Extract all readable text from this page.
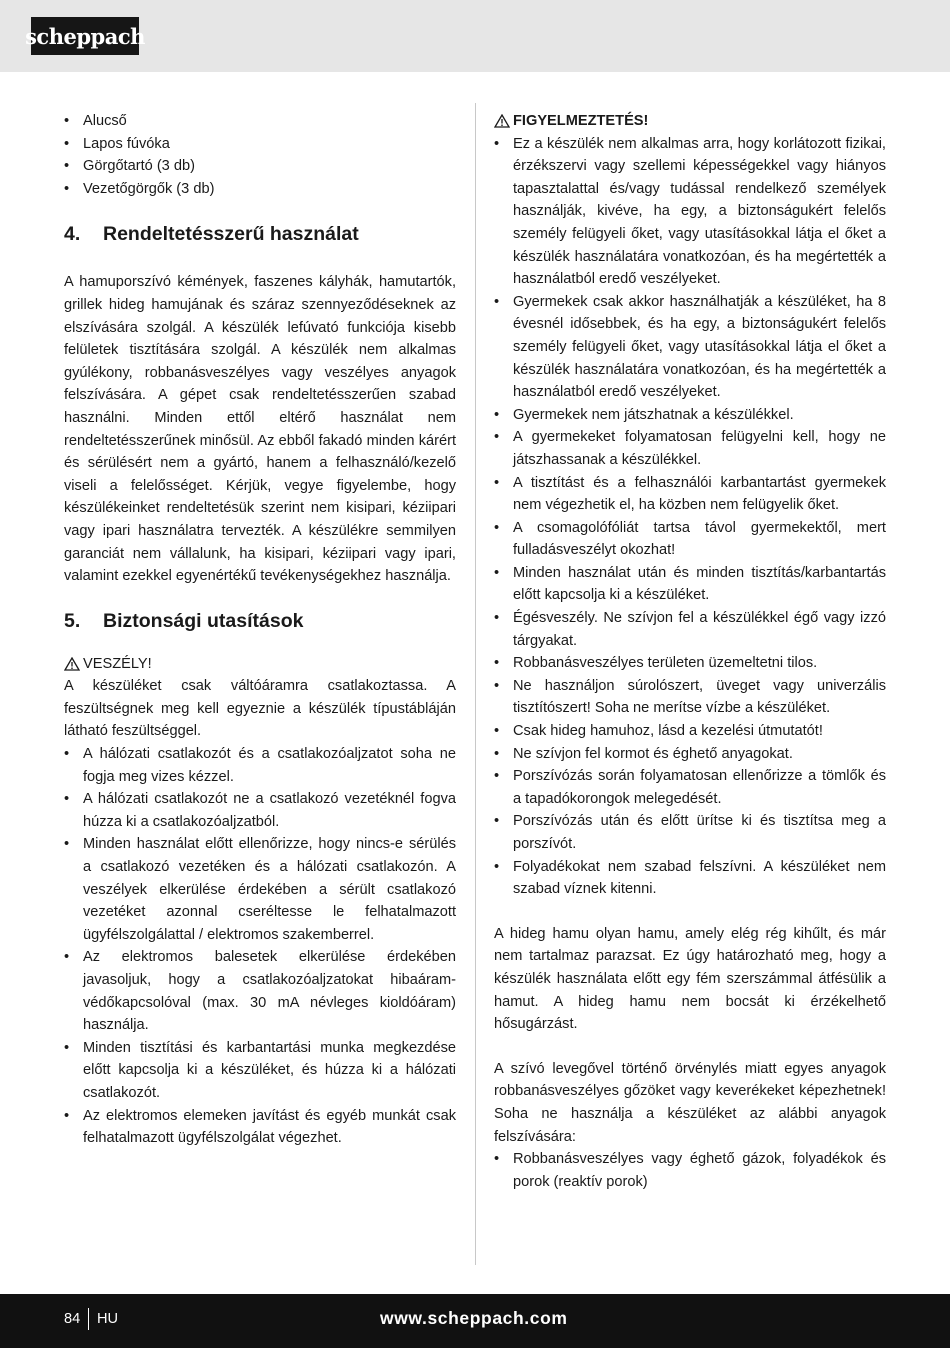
scheppach
• Alucső
• Lapos fúvóka
• Görgőtartó (3 db)
• Vezetőgörgők (3 db)
4.	Rendeltetésszerű használat

A hamuporszívó kémények, faszenes kályhák, hamutartók, grillek hideg hamujának és száraz szennyeződéseknek az elszívására szolgál. A készülék lefúvató funkciója kisebb felületek tisztítására szolgál. A készülék nem alkalmas gyúlékony, robbanásveszélyes vagy veszélyes anyagok felszívására. A gépet csak rendeltetésszerűen szabad használni. Minden ettől eltérő használat nem rendeltetésszerűnek minősül. Az ebből fakadó minden kárért és sérülésért nem a gyártó, hanem a felhasználó/kezelő viseli a felelősséget. Kérjük, vegye figyelembe, hogy készülékeinket rendeltetésük szerint nem kisipari, kéziipari vagy ipari használatra tervezték. A készülékre semmilyen garanciát nem vállalunk, ha kisipari, kéziipari vagy ipari, valamint ezekkel egyenértékű tevékenységekhez használja.

5.	Biztonsági utasítások
VESZÉLY!

A készüléket csak váltóáramra csatlakoztassa. A feszültségnek meg kell egyeznie a készülék típustábláján látható feszültséggel.

• A hálózati csatlakozót és a csatlakozóaljzatot soha ne fogja meg vizes kézzel.
• A hálózati csatlakozót ne a csatlakozó vezetéknél fogva húzza ki a csatlakozóaljzatból.
• Minden használat előtt ellenőrizze, hogy nincs-e sérülés a csatlakozó vezetéken és a hálózati csatlakozón. A veszélyek elkerülése érdekében a sérült csatlakozó vezetéket azonnal cseréltesse le felhatalmazott ügyfélszolgálattal / elektromos szakemberrel.
• Az elektromos balesetek elkerülése érdekében javasoljuk, hogy a csatlakozóaljzatokat hibaáram-védőkapcsolóval (max. 30 mA névleges kioldóáram) használja.
• Minden tisztítási és karbantartási munka megkezdése előtt kapcsolja ki a készüléket, és húzza ki a hálózati csatlakozót.
• Az elektromos elemeken javítást és egyéb munkát csak felhatalmazott ügyfélszolgálat végezhet.
FIGYELMEZTETÉS!
• Ez a készülék nem alkalmas arra, hogy korlátozott fizikai, érzékszervi vagy szellemi képességekkel vagy hiányos tapasztalattal és/vagy tudással rendelkező személyek használják, kivéve, ha egy, a biztonságukért felelős személy felügyeli őket, vagy utasításokkal látja el őket a készülék használatára vonatkozóan, és ha megértették a használatból eredő veszélyeket.
• Gyermekek csak akkor használhatják a készüléket, ha 8 évesnél idősebbek, és ha egy, a biztonságukért felelős személy felügyeli őket, vagy utasításokkal látja el őket a készülék használatára vonatkozóan, és ha megértették a használatból eredő veszélyeket.
• Gyermekek nem játszhatnak a készülékkel.
• A gyermekeket folyamatosan felügyelni kell, hogy ne játszhassanak a készülékkel.
• A tisztítást és a felhasználói karbantartást gyermekek nem végezhetik el, ha közben nem felügyelik őket.
• A csomagolófóliát tartsa távol gyermekektől, mert fulladásveszélyt okozhat!
• Minden használat után és minden tisztítás/karbantartás előtt kapcsolja ki a készüléket.
• Égésveszély. Ne szívjon fel a készülékkel égő vagy izzó tárgyakat.
• Robbanásveszélyes területen üzemeltetni tilos.
• Ne használjon súrolószert, üveget vagy univerzális tisztítószert! Soha ne merítse vízbe a készüléket.
• Csak hideg hamuhoz, lásd a kezelési útmutatót!
• Ne szívjon fel kormot és éghető anyagokat.
• Porszívózás során folyamatosan ellenőrizze a tömlők és a tapadókorongok melegedését.
• Porszívózás után és előtt ürítse ki és tisztítsa meg a porszívót.
• Folyadékokat nem szabad felszívni. A készüléket nem szabad víznek kitenni.

A hideg hamu olyan hamu, amely elég rég kihűlt, és már nem tartalmaz parazsat. Ez úgy határozható meg, hogy a készülék használata előtt egy fém szerszámmal átfésülik a hamut. A hideg hamu nem bocsát ki érzékelhető hősugárzást.

A szívó levegővel történő örvénylés miatt egyes anyagok robbanásveszélyes gőzöket vagy keverékeket képezhetnek! Soha ne használja a készüléket az alábbi anyagok felszívására:

• Robbanásveszélyes vagy éghető gázok, folyadékok és porok (reaktív porok)
84 HU	www.scheppach.com
